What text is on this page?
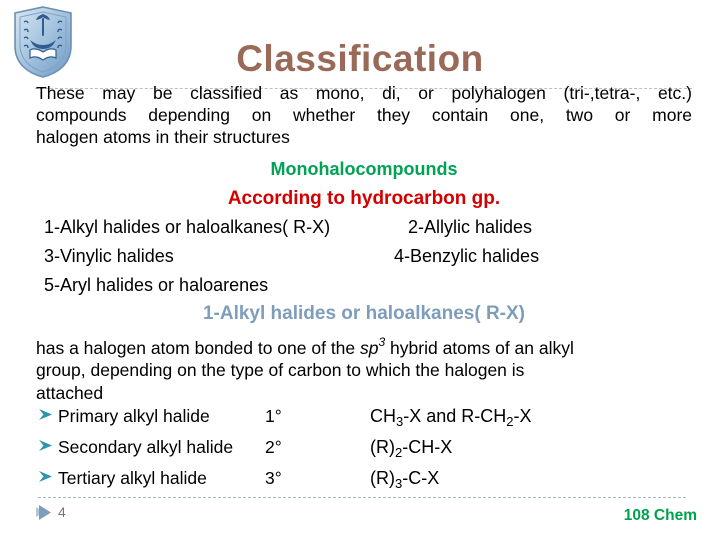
Classification

These may be classified as mono, di, or polyhalogen (tri-,tetra-, etc.)
compounds depending on whether they contain one, two or more
halogen atoms in their structures

Monohalocompounds
According to hydrocarbon gp.
1-Alkyl halides or haloalkanes( R-X)	2-Allylic halides
3-Vinylic halides	4-Benzylic halides
5-Aryl halides or haloarenes
1-Alkyl halides or haloalkanes( R-X)

has a halogen atom bonded to one of the $sp^3$ hybrid atoms of an alkyl
group, depending on the type of carbon to which the halogen is
attached

Primary alkyl halide	1°	$CH_3-X$ and $R-CH_2-X$
Secondary alkyl halide 2°	$(R)_2-CH-X$
Tertiary alkyl halide	3°	$(R)_3-C-X$
4	108 Chem
